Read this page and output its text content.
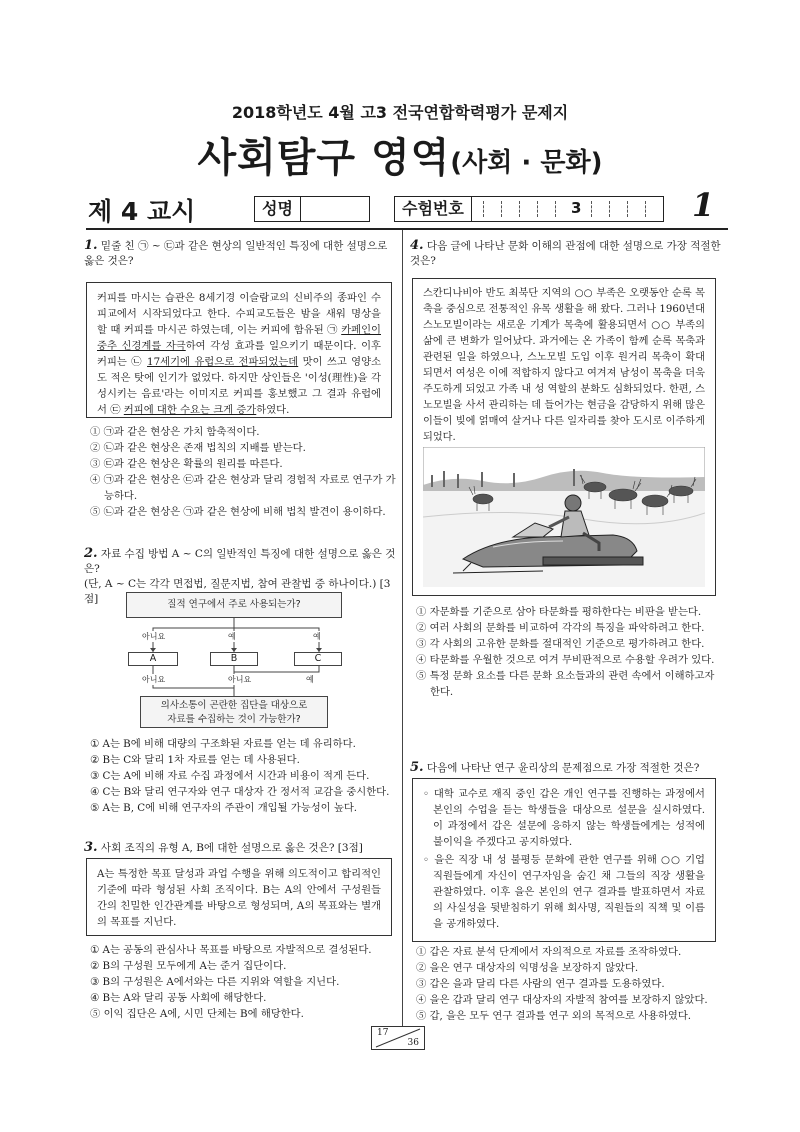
2018학년도 4월 고3 전국연합학력평가 문제지
사회탐구 영역(사회 · 문화)
제 4 교시	성명	수험번호	3	1
1. 밑줄 친 ㉠ ~ ㉢과 같은 현상의 일반적인 특징에 대한 설명으로 옳은 것은?
커피를 마시는 습관은 8세기경 이슬람교의 신비주의 종파인 수피교에서 시작되었다고 한다. 수피교도들은 밤을 새워 명상을 할 때 커피를 마시곤 하였는데, 이는 커피에 함유된 ㉠ 카페인이 중추 신경계를 자극하여 각성 효과를 일으키기 때문이다. 이후 커피는 ㉡ 17세기에 유럽으로 전파되었는데 맛이 쓰고 영양소도 적은 탓에 인기가 없었다. 하지만 상인들은 '이성(理性)을 각성시키는 음료'라는 이미지로 커피를 홍보했고 그 결과 유럽에서 ㉢ 커피에 대한 수요는 크게 증가하였다.
① ㉠과 같은 현상은 가치 함축적이다.
② ㉡과 같은 현상은 존재 법칙의 지배를 받는다.
③ ㉢과 같은 현상은 확률의 원리를 따른다.
④ ㉠과 같은 현상은 ㉢과 같은 현상과 달리 경험적 자료로 연구가 가능하다.
⑤ ㉡과 같은 현상은 ㉠과 같은 현상에 비해 법칙 발견이 용이하다.
2. 자료 수집 방법 A ~ C의 일반적인 특징에 대한 설명으로 옳은 것은?
(단, A ~ C는 각각 면접법, 질문지법, 참여 관찰법 중 하나이다.) [3점]	질적 연구에서 주로 사용되는가?
아니요	예	예
A	B	C
아니요	아니요	예
의사소통이 곤란한 집단을 대상으로
자료를 수집하는 것이 가능한가?
① A는 B에 비해 대량의 구조화된 자료를 얻는 데 유리하다.
② B는 C와 달리 1차 자료를 얻는 데 사용된다.
③ C는 A에 비해 자료 수집 과정에서 시간과 비용이 적게 든다.
④ C는 B와 달리 연구자와 연구 대상자 간 정서적 교감을 중시한다.
⑤ A는 B, C에 비해 연구자의 주관이 개입될 가능성이 높다.
3. 사회 조직의 유형 A, B에 대한 설명으로 옳은 것은? [3점]
A는 특정한 목표 달성과 과업 수행을 위해 의도적이고 합리적인 기준에 따라 형성된 사회 조직이다. B는 A의 안에서 구성원들 간의 친밀한 인간관계를 바탕으로 형성되며, A의 목표와는 별개의 목표를 지닌다.
① A는 공동의 관심사나 목표를 바탕으로 자발적으로 결성된다.
② B의 구성원 모두에게 A는 준거 집단이다.
③ B의 구성원은 A에서와는 다른 지위와 역할을 지닌다.
④ B는 A와 달리 공동 사회에 해당한다.
⑤ 이익 집단은 A에, 시민 단체는 B에 해당한다.
4. 다음 글에 나타난 문화 이해의 관점에 대한 설명으로 가장 적절한 것은?
스칸디나비아 반도 최북단 지역의 ○○ 부족은 오랫동안 순록 목축을 중심으로 전통적인 유목 생활을 해 왔다. 그러나 1960년대 스노모빌이라는 새로운 기계가 목축에 활용되면서 ○○ 부족의 삶에 큰 변화가 일어났다. 과거에는 온 가족이 함께 순록 목축과 관련된 일을 하였으나, 스노모빌 도입 이후 원거리 목축이 확대되면서 여성은 이에 적합하지 않다고 여겨져 남성이 목축을 더욱 주도하게 되었고 가족 내 성 역할의 분화도 심화되었다. 한편, 스노모빌을 사서 관리하는 데 들어가는 현금을 감당하지 위해 많은 이들이 빚에 얽매여 살거나 다른 일자리를 찾아 도시로 이주하게 되었다.
① 자문화를 기준으로 삼아 타문화를 평하한다는 비판을 받는다.
② 여러 사회의 문화를 비교하여 각각의 특징을 파악하려고 한다.
③ 각 사회의 고유한 문화를 절대적인 기준으로 평가하려고 한다.
④ 타문화를 우월한 것으로 여겨 무비판적으로 수용할 우려가 있다.
⑤ 특정 문화 요소를 다른 문화 요소들과의 관련 속에서 이해하고자 한다.
5. 다음에 나타난 연구 윤리상의 문제점으로 가장 적절한 것은?
◦ 대학 교수로 재직 중인 갑은 개인 연구를 진행하는 과정에서 본인의 수업을 듣는 학생들을 대상으로 설문을 실시하였다. 이 과정에서 갑은 설문에 응하지 않는 학생들에게는 성적에 불이익을 주겠다고 공지하였다.
◦ 을은 직장 내 성 불평등 문화에 관한 연구를 위해 ○○ 기업 직원들에게 자신이 연구자임을 숨긴 채 그들의 직장 생활을 관찰하였다. 이후 을은 본인의 연구 결과를 발표하면서 자료의 사실성을 뒷받침하기 위해 회사명, 직원들의 직책 및 이름을 공개하였다.
① 갑은 자료 분석 단계에서 자의적으로 자료를 조작하였다.
② 을은 연구 대상자의 익명성을 보장하지 않았다.
③ 갑은 을과 달리 다른 사람의 연구 결과를 도용하였다.
④ 을은 갑과 달리 연구 대상자의 자발적 참여를 보장하지 않았다.
⑤ 갑, 을은 모두 연구 결과를 연구 외의 목적으로 사용하였다.
17
36
